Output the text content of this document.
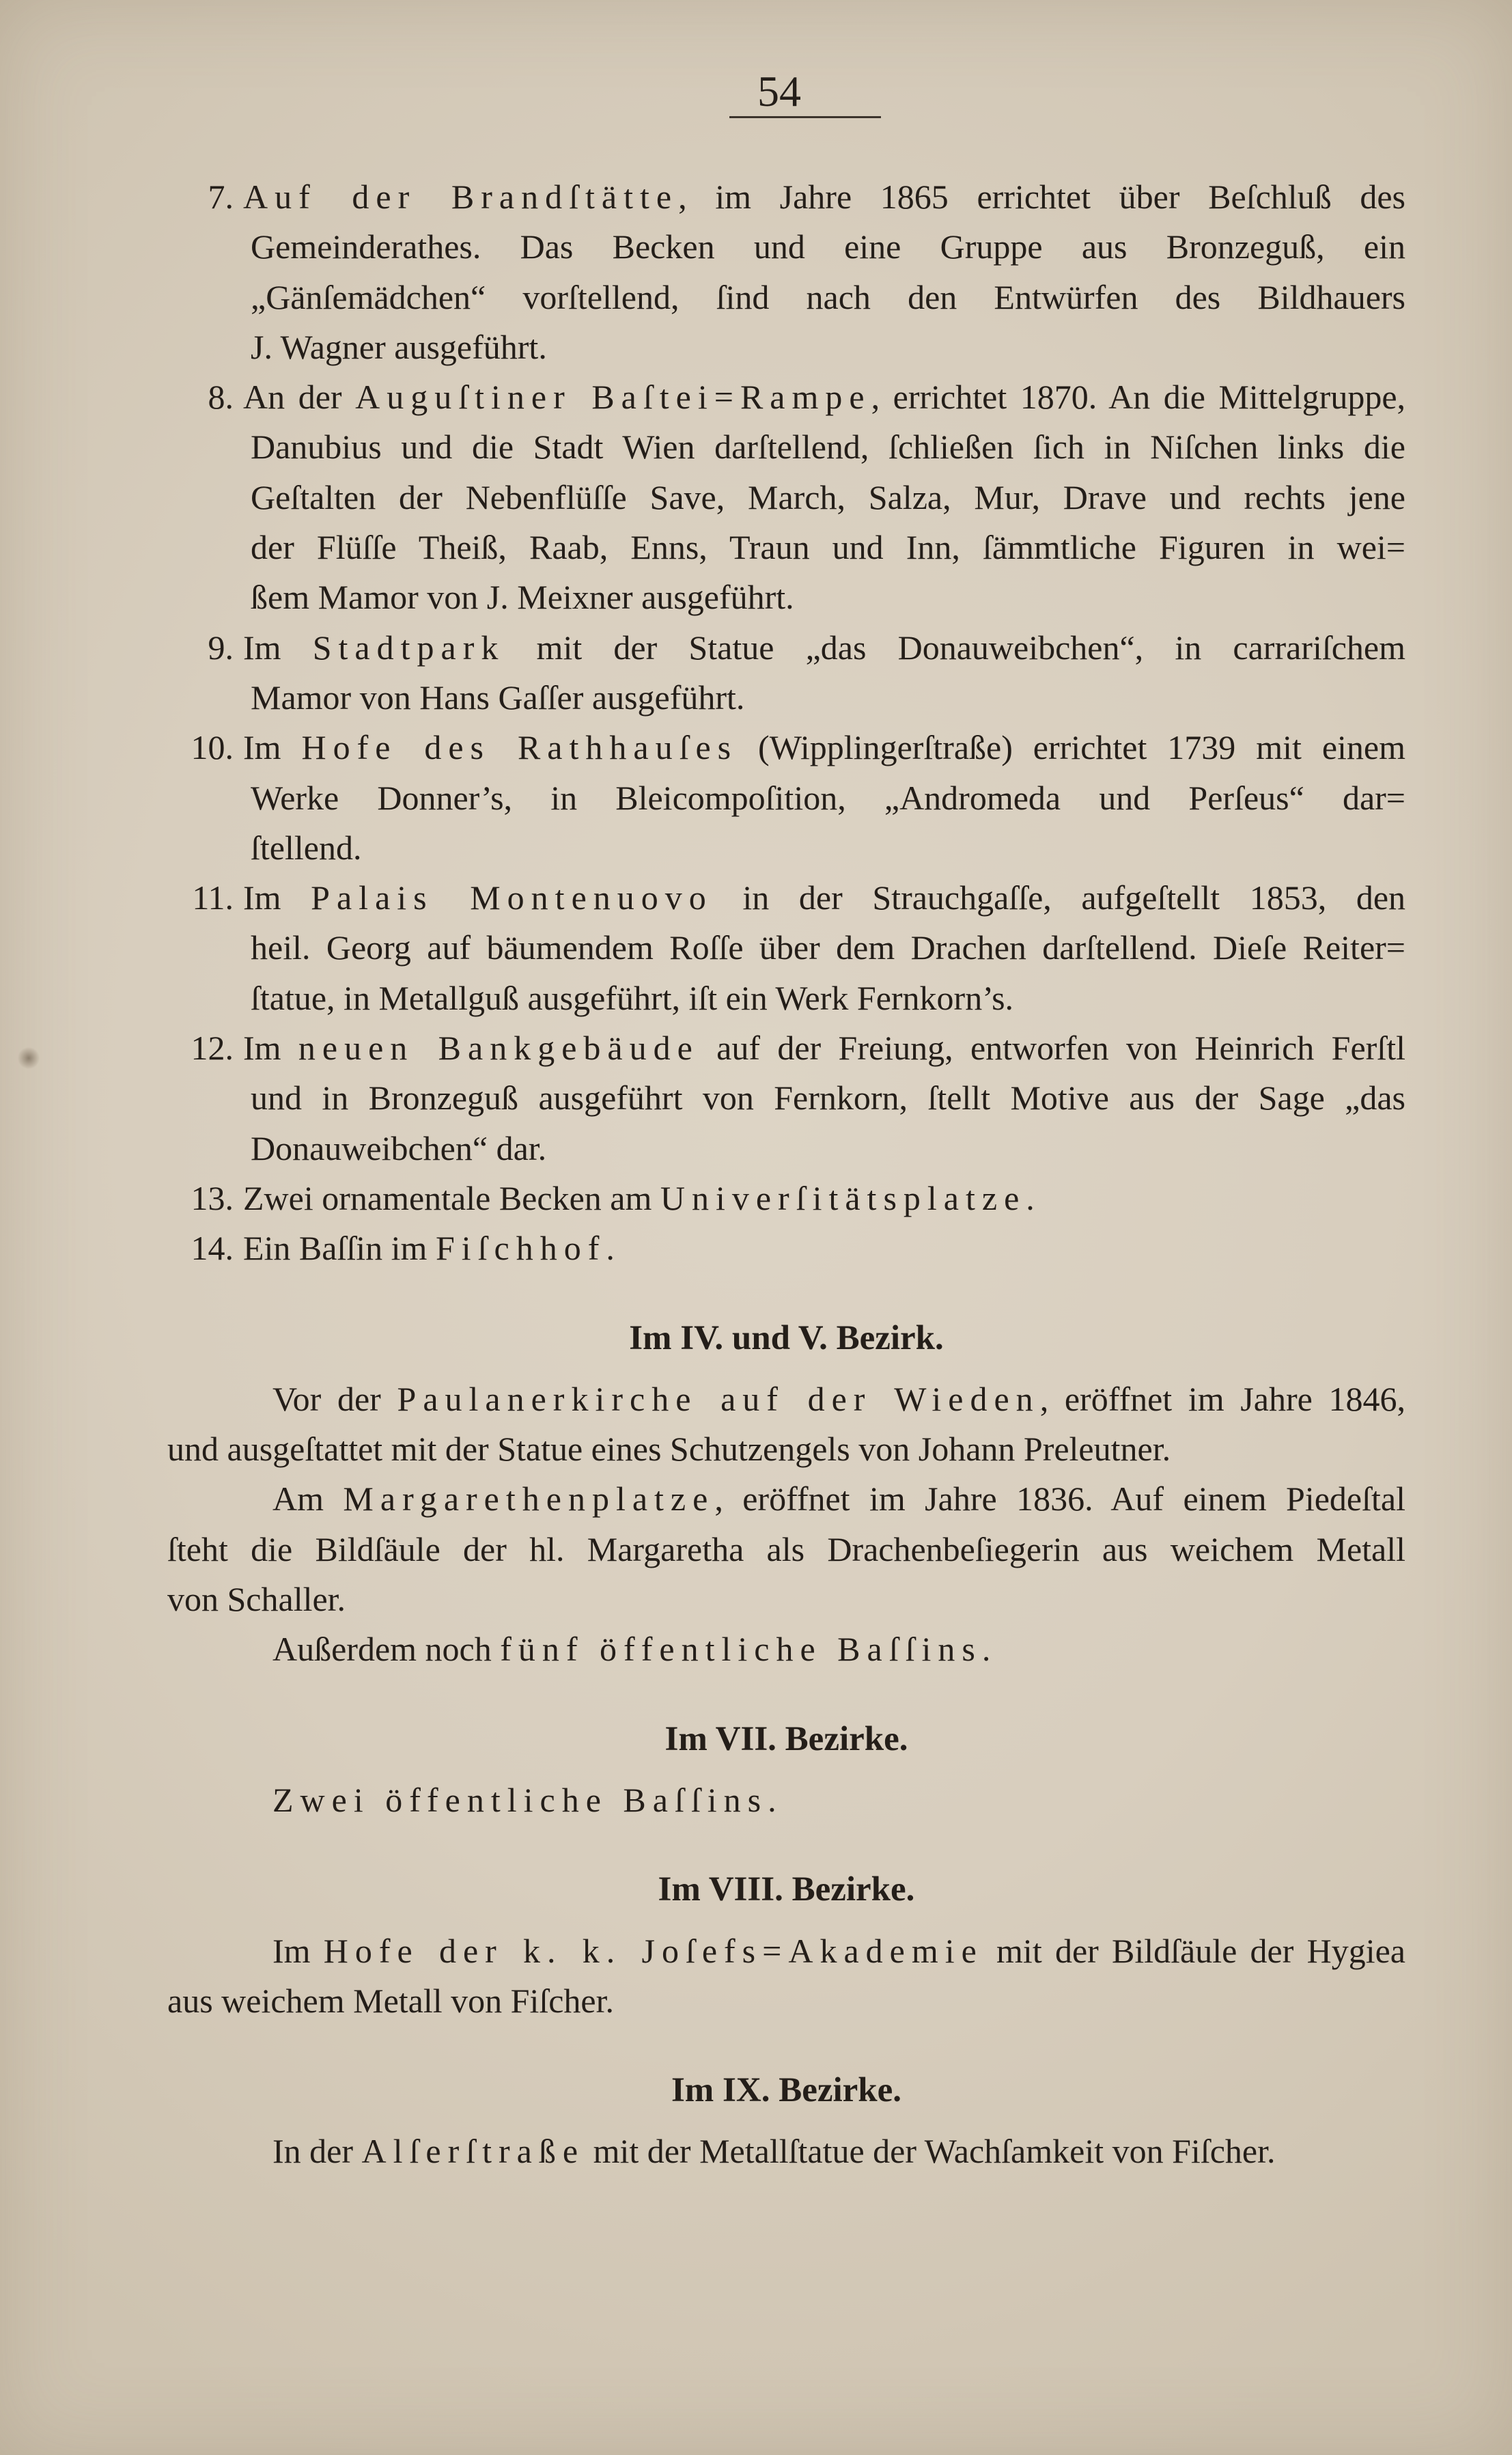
54
7. Auf der Brandſtätte, im Jahre 1865 errichtet über Beſchluß des
Gemeinderathes. Das Becken und eine Gruppe aus Bronzeguß, ein
„Gänſemädchen“ vorſtellend, ſind nach den Entwürfen des Bildhauers
J. Wagner ausgeführt.
8. An der Auguſtiner Baſtei=Rampe, errichtet 1870. An die Mittelgruppe,
Danubius und die Stadt Wien darſtellend, ſchließen ſich in Niſchen links die
Geſtalten der Nebenflüſſe Save, March, Salza, Mur, Drave und rechts jene
der Flüſſe Theiß, Raab, Enns, Traun und Inn, ſämmtliche Figuren in wei=
ßem Mamor von J. Meixner ausgeführt.
9. Im Stadtpark mit der Statue „das Donauweibchen“, in carrariſchem
Mamor von Hans Gaſſer ausgeführt.
10. Im Hofe des Rathhauſes (Wipplingerſtraße) errichtet 1739 mit einem
Werke Donner’s, in Bleicompoſition, „Andromeda und Perſeus“ dar=
ſtellend.
11. Im Palais Montenuovo in der Strauchgaſſe, aufgeſtellt 1853, den
heil. Georg auf bäumendem Roſſe über dem Drachen darſtellend. Dieſe Reiter=
ſtatue, in Metallguß ausgeführt, iſt ein Werk Fernkorn’s.
12. Im neuen Bankgebäude auf der Freiung, entworfen von Heinrich Ferſtl
und in Bronzeguß ausgeführt von Fernkorn, ſtellt Motive aus der Sage „das
Donauweibchen“ dar.
13. Zwei ornamentale Becken am Univerſitätsplatze.
14. Ein Baſſin im Fiſchhof.
Im IV. und V. Bezirk.
Vor der Paulanerkirche auf der Wieden, eröffnet im Jahre 1846,
und ausgeſtattet mit der Statue eines Schutzengels von Johann Preleutner.
Am Margarethenplatze, eröffnet im Jahre 1836. Auf einem Piedeſtal
ſteht die Bildſäule der hl. Margaretha als Drachenbeſiegerin aus weichem Metall
von Schaller.
Außerdem noch fünf öffentliche Baſſins.
Im VII. Bezirke.
Zwei öffentliche Baſſins.
Im VIII. Bezirke.
Im Hofe der k. k. Joſefs=Akademie mit der Bildſäule der Hygiea
aus weichem Metall von Fiſcher.
Im IX. Bezirke.
In der Alſerſtraße mit der Metallſtatue der Wachſamkeit von Fiſcher.
